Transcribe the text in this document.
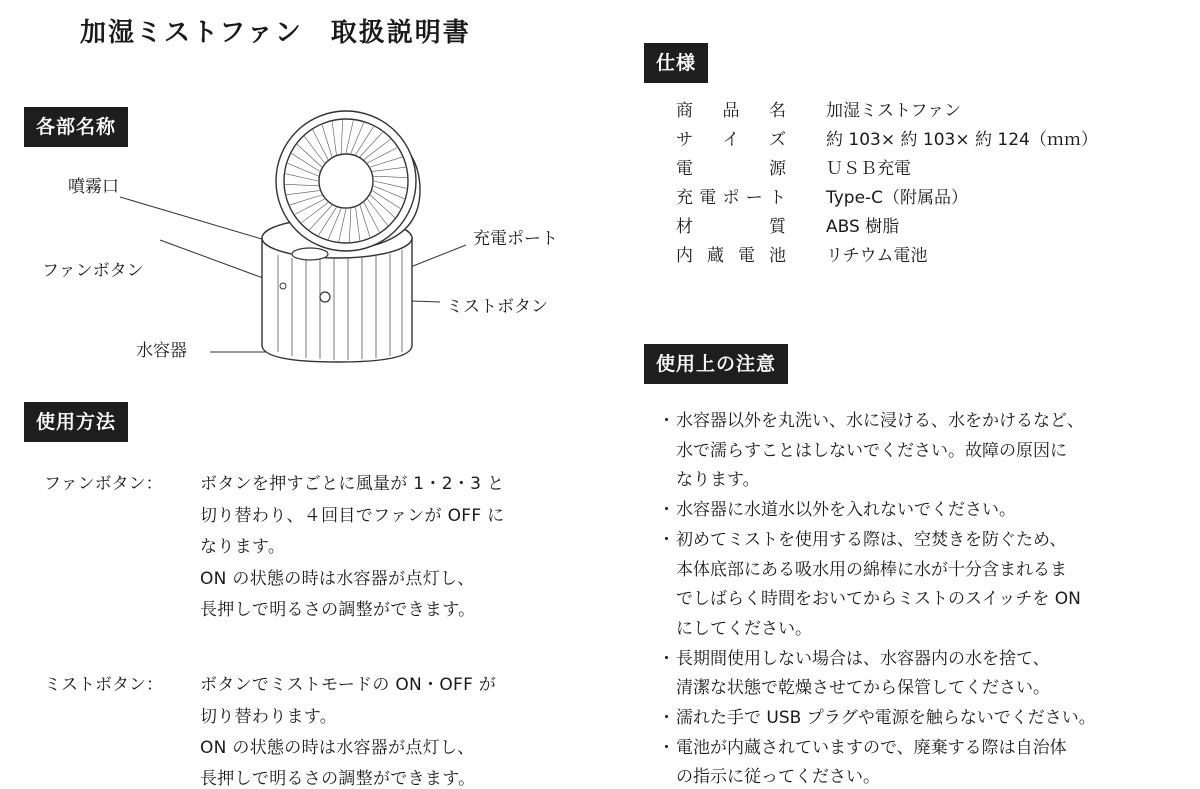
加湿ミストファン　取扱説明書
各部名称
噴霧口
ファンボタン
水容器
充電ポート
ミストボタン
使用方法
ファンボタン： ボタンを押すごとに風量が 1・2・3 と
切り替わり、４回目でファンが OFF に
なります。
ON の状態の時は水容器が点灯し、
長押しで明るさの調整ができます。
ミストボタン： ボタンでミストモードの ON・OFF が
切り替わります。
ON の状態の時は水容器が点灯し、
長押しで明るさの調整ができます。
仕様
商 品 名 加湿ミストファン
サ イ ズ 約 103× 約 103× 約 124（ｍｍ）
電	源 ＵＳＢ充電
充 電 ポ ー ト Type-C（附属品）
材	質 ABS 樹脂
内 蔵 電 池 リチウム電池
使用上の注意
・ 水容器以外を丸洗い、水に浸ける、水をかけるなど、
水で濡らすことはしないでください。故障の原因に
なります。
・ 水容器に水道水以外を入れないでください。
・ 初めてミストを使用する際は、空焚きを防ぐため、
本体底部にある吸水用の綿棒に水が十分含まれるま
でしばらく時間をおいてからミストのスイッチを ON
にしてください。
・ 長期間使用しない場合は、水容器内の水を捨て、
清潔な状態で乾燥させてから保管してください。
・ 濡れた手で USB プラグや電源を触らないでください。
・ 電池が内蔵されていますので、廃棄する際は自治体
の指示に従ってください。
